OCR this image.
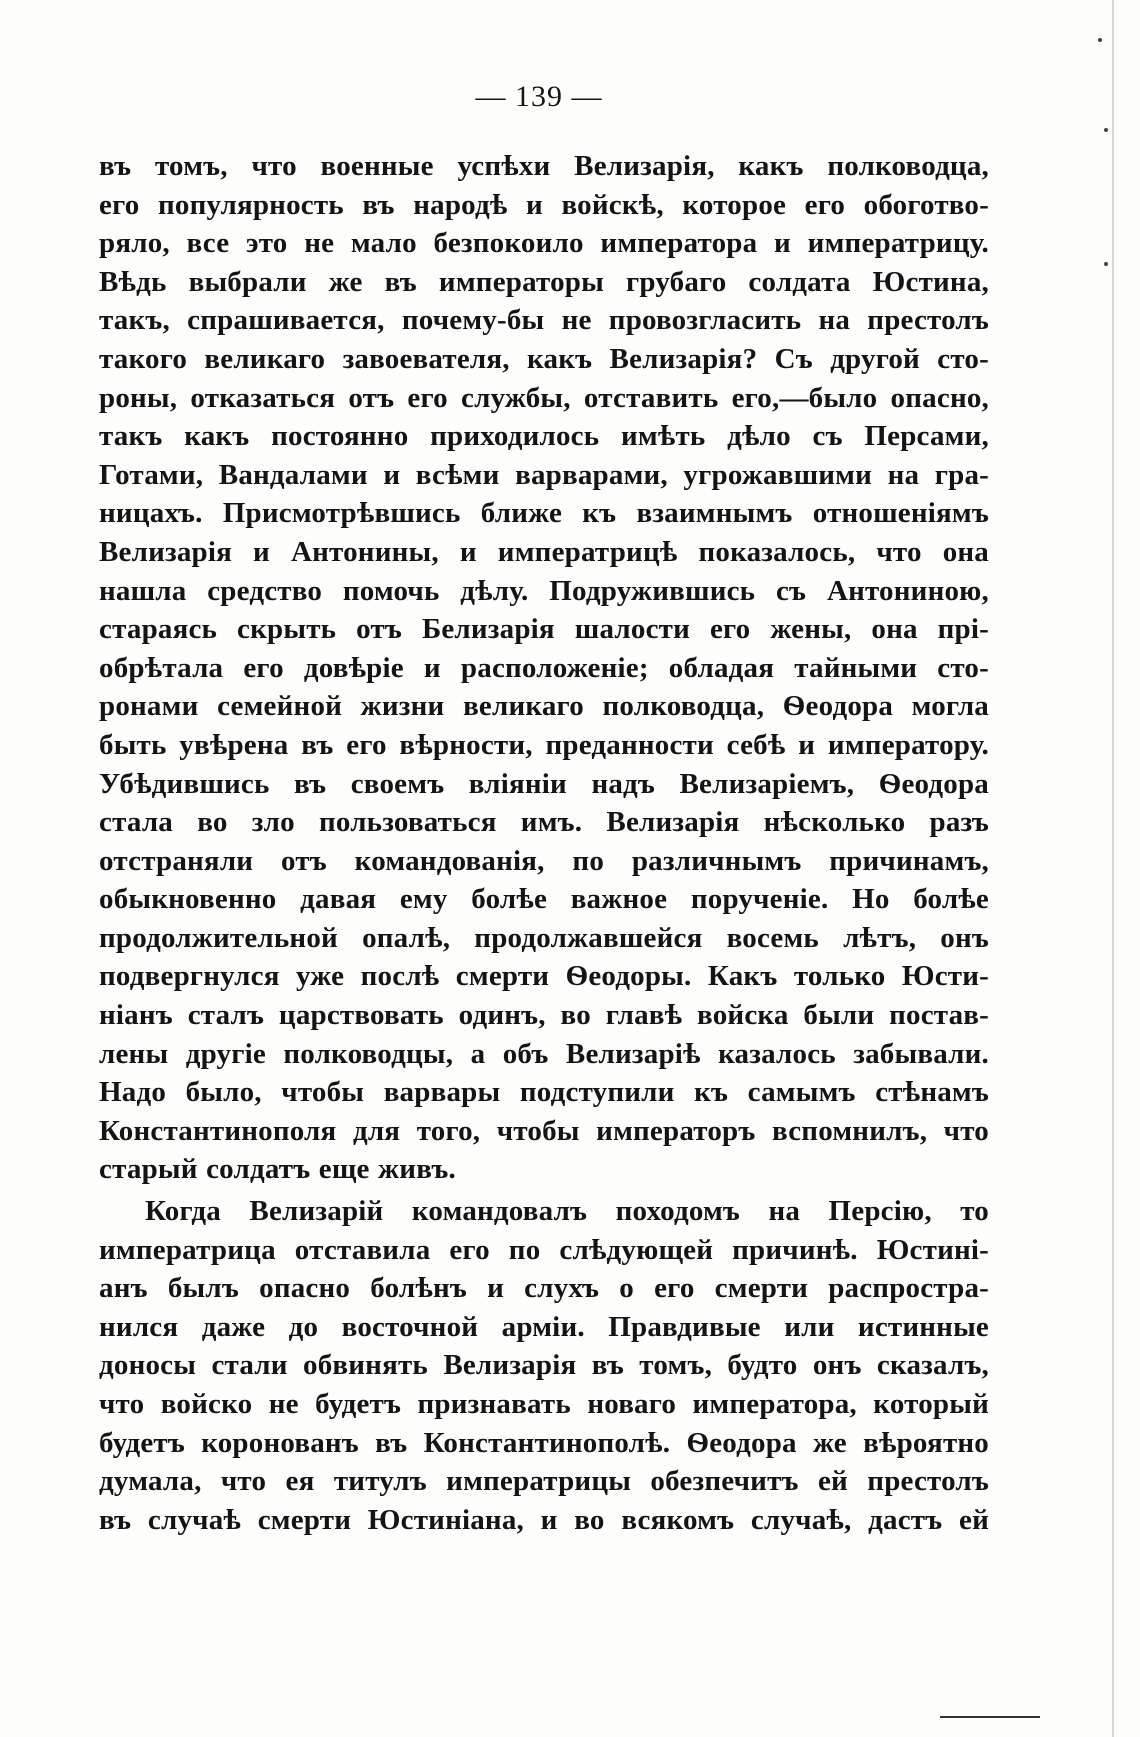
— 139 —
въ томъ, что военные успѣхи Велизарія, какъ полководца,
его популярность въ народѣ и войскѣ, которое его обоготво-
ряло, все это не мало безпокоило императора и императрицу.
Вѣдь выбрали же въ императоры грубаго солдата Юстина,
такъ, спрашивается, почему-бы не провозгласить на престолъ
такого великаго завоевателя, какъ Велизарія? Съ другой сто-
роны, отказаться отъ его службы, отставить его,—было опасно,
такъ какъ постоянно приходилось имѣть дѣло съ Персами,
Готами, Вандалами и всѣми варварами, угрожавшими на гра-
ницахъ. Присмотрѣвшись ближе къ взаимнымъ отношеніямъ
Велизарія и Антонины, и императрицѣ показалось, что она
нашла средство помочь дѣлу. Подружившись съ Антониною,
стараясь скрыть отъ Белизарія шалости его жены, она прі-
обрѣтала его довѣріе и расположеніе; обладая тайными сто-
ронами семейной жизни великаго полководца, Ѳеодора могла
быть увѣрена въ его вѣрности, преданности себѣ и императору.
Убѣдившись въ своемъ вліяніи надъ Велизаріемъ, Ѳеодора
стала во зло пользоваться имъ. Велизарія нѣсколько разъ
отстраняли отъ командованія, по различнымъ причинамъ,
обыкновенно давая ему болѣе важное порученіе. Но болѣе
продолжительной опалѣ, продолжавшейся восемь лѣтъ, онъ
подвергнулся уже послѣ смерти Ѳеодоры. Какъ только Юсти-
ніанъ сталъ царствовать одинъ, во главѣ войска были постав-
лены другіе полководцы, а объ Велизаріѣ казалось забывали.
Надо было, чтобы варвары подступили къ самымъ стѣнамъ
Константинополя для того, чтобы императоръ вспомнилъ, что
старый солдатъ еще живъ.
Когда Велизарій командовалъ походомъ на Персію, то
императрица отставила его по слѣдующей причинѣ. Юстині-
анъ былъ опасно болѣнъ и слухъ о его смерти распростра-
нился даже до восточной арміи. Правдивые или истинные
доносы стали обвинять Велизарія въ томъ, будто онъ сказалъ,
что войско не будетъ признавать новаго императора, который
будетъ коронованъ въ Константинополѣ. Ѳеодора же вѣроятно
думала, что ея титулъ императрицы обезпечитъ ей престолъ
въ случаѣ смерти Юстиніана, и во всякомъ случаѣ, дастъ ей
